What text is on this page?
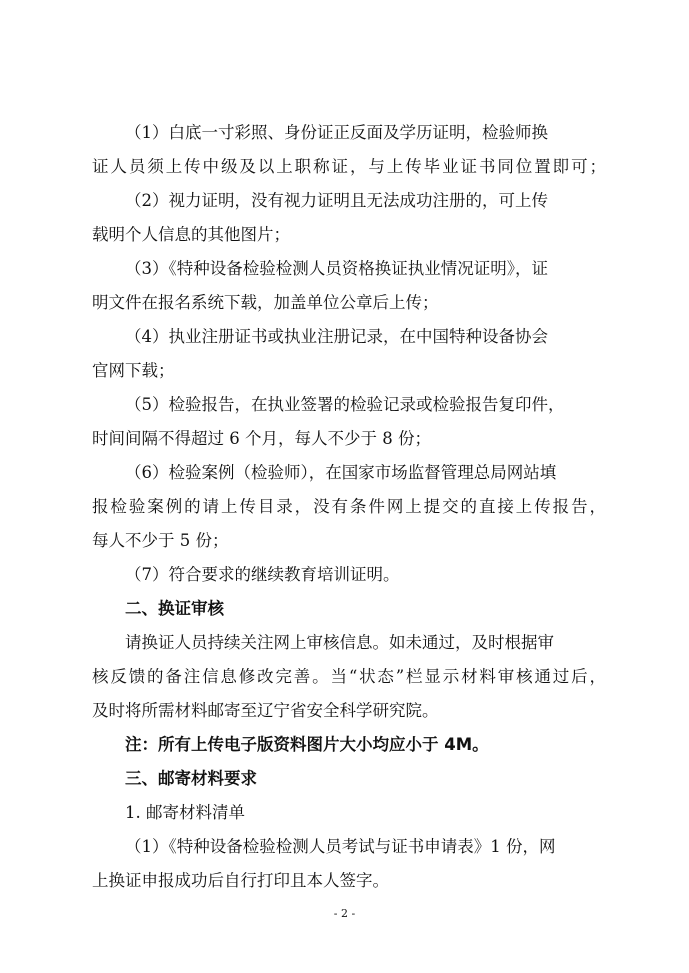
（1）白底一寸彩照、身份证正反面及学历证明，检验师换
证人员须上传中级及以上职称证，与上传毕业证书同位置即可；
（2）视力证明，没有视力证明且无法成功注册的，可上传
载明个人信息的其他图片；
（3）《特种设备检验检测人员资格换证执业情况证明》，证
明文件在报名系统下载，加盖单位公章后上传；
（4）执业注册证书或执业注册记录，在中国特种设备协会
官网下载；
（5）检验报告，在执业签署的检验记录或检验报告复印件，
时间间隔不得超过 6 个月，每人不少于 8 份；
（6）检验案例（检验师），在国家市场监督管理总局网站填
报检验案例的请上传目录，没有条件网上提交的直接上传报告，
每人不少于 5 份；
（7）符合要求的继续教育培训证明。
二、换证审核
请换证人员持续关注网上审核信息。如未通过，及时根据审
核反馈的备注信息修改完善。当“状态”栏显示材料审核通过后，
及时将所需材料邮寄至辽宁省安全科学研究院。
注：所有上传电子版资料图片大小均应小于 4M。
三、邮寄材料要求
1. 邮寄材料清单
（1）《特种设备检验检测人员考试与证书申请表》1 份，网
上换证申报成功后自行打印且本人签字。
- 2 -
